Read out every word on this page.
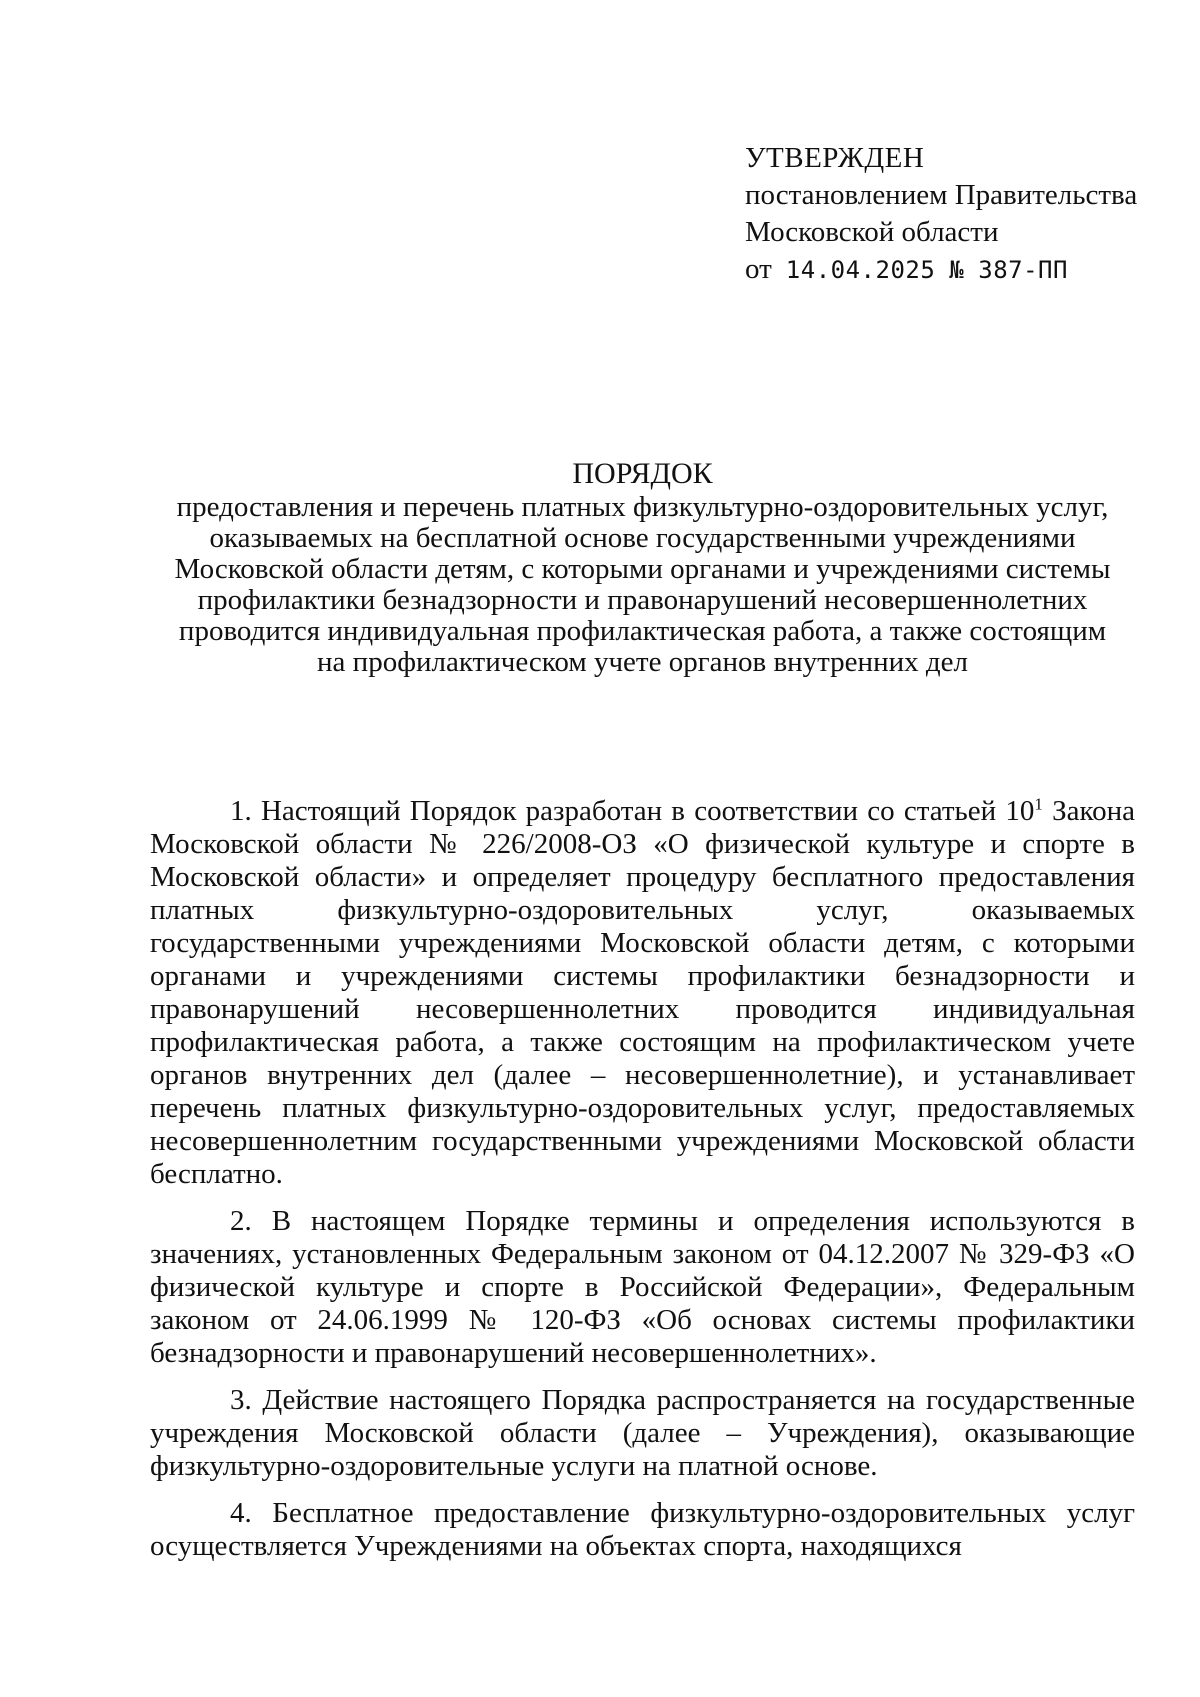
УТВЕРЖДЕН
постановлением Правительства
Московской области
от 14.04.2025 № 387-ПП
ПОРЯДОК
предоставления и перечень платных физкультурно-оздоровительных услуг,
оказываемых на бесплатной основе государственными учреждениями
Московской области детям, с которыми органами и учреждениями системы
профилактики безнадзорности и правонарушений несовершеннолетних
проводится индивидуальная профилактическая работа, а также состоящим
на профилактическом учете органов внутренних дел

1. Настоящий Порядок разработан в соответствии со статьей $10^1$ Закона Московской области № 226/2008-ОЗ «О физической культуре и спорте в Московской области» и определяет процедуру бесплатного предоставления платных физкультурно-оздоровительных услуг, оказываемых государственными учреждениями Московской области детям, с которыми органами и учреждениями системы профилактики безнадзорности и правонарушений несовершеннолетних проводится индивидуальная профилактическая работа, а также состоящим на профилактическом учете органов внутренних дел (далее – несовершеннолетние), и устанавливает перечень платных физкультурно-оздоровительных услуг, предоставляемых несовершеннолетним государственными учреждениями Московской области бесплатно.

2. В настоящем Порядке термины и определения используются в значениях, установленных Федеральным законом от 04.12.2007 № 329-ФЗ «О физической культуре и спорте в Российской Федерации», Федеральным законом от 24.06.1999 № 120-ФЗ «Об основах системы профилактики безнадзорности и правонарушений несовершеннолетних».

3. Действие настоящего Порядка распространяется на государственные учреждения Московской области (далее – Учреждения), оказывающие физкультурно-оздоровительные услуги на платной основе.

4. Бесплатное предоставление физкультурно-оздоровительных услуг осуществляется Учреждениями на объектах спорта, находящихся
